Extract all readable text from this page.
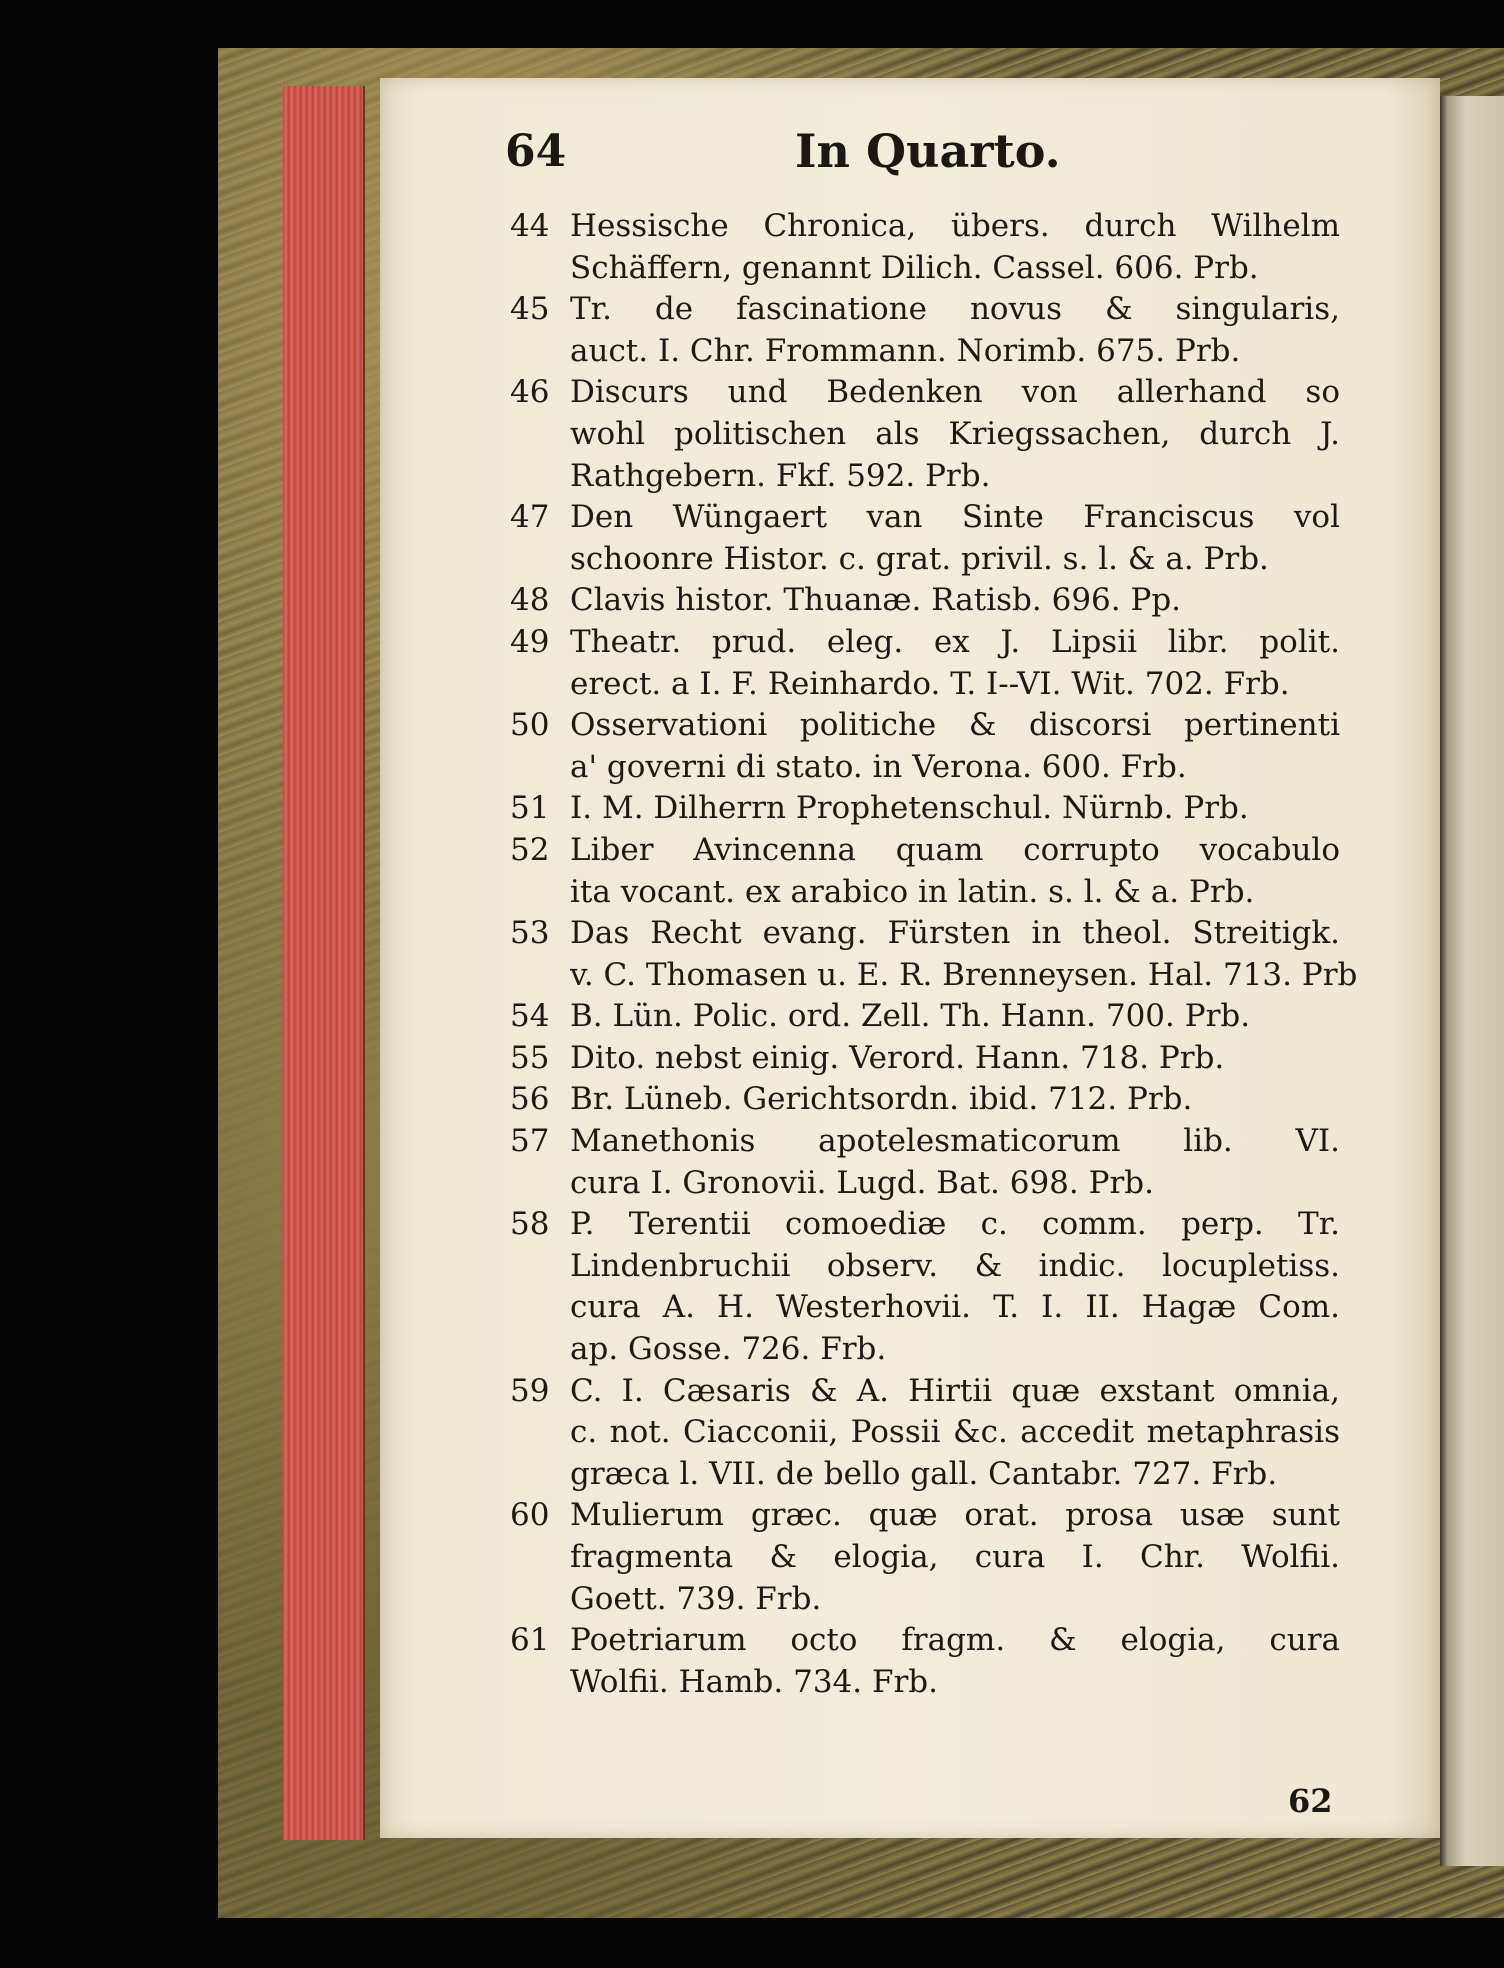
64	In Quarto.
44 Hessische Chronica, übers. durch Wilhelm
Schäffern, genannt Dilich. Cassel. 606. Prb.
45 Tr. de fascinatione novus & singularis,
auct. I. Chr. Frommann. Norimb. 675. Prb.
46 Discurs und Bedenken von allerhand so
wohl politischen als Kriegssachen, durch J.
Rathgebern. Fkf. 592. Prb.
47 Den Wüngaert van Sinte Franciscus vol
schoonre Histor. c. grat. privil. s. l. & a. Prb.
48 Clavis histor. Thuanæ. Ratisb. 696. Pp.
49 Theatr. prud. eleg. ex J. Lipsii libr. polit.
erect. a I. F. Reinhardo. T. I--VI. Wit. 702. Frb.
50 Osservationi politiche & discorsi pertinenti
a' governi di stato. in Verona. 600. Frb.
51 I. M. Dilherrn Prophetenschul. Nürnb. Prb.
52 Liber Avincenna quam corrupto vocabulo
ita vocant. ex arabico in latin. s. l. & a. Prb.
53 Das Recht evang. Fürsten in theol. Streitigk.
v. C. Thomasen u. E. R. Brenneysen. Hal. 713. Prb
54 B. Lün. Polic. ord. Zell. Th. Hann. 700. Prb.
55 Dito. nebst einig. Verord. Hann. 718. Prb.
56 Br. Lüneb. Gerichtsordn. ibid. 712. Prb.
57 Manethonis apotelesmaticorum lib. VI.
cura I. Gronovii. Lugd. Bat. 698. Prb.
58 P. Terentii comoediæ c. comm. perp. Tr.
Lindenbruchii observ. & indic. locupletiss.
cura A. H. Westerhovii. T. I. II. Hagæ Com.
ap. Gosse. 726. Frb.
59 C. I. Cæsaris & A. Hirtii quæ exstant omnia,
c. not. Ciacconii, Possii &c. accedit metaphrasis
græca l. VII. de bello gall. Cantabr. 727. Frb.
60 Mulierum græc. quæ orat. prosa usæ sunt
fragmenta & elogia, cura I. Chr. Wolfii.
Goett. 739. Frb.
61 Poetriarum octo fragm. & elogia, cura
Wolfii. Hamb. 734. Frb.
62
